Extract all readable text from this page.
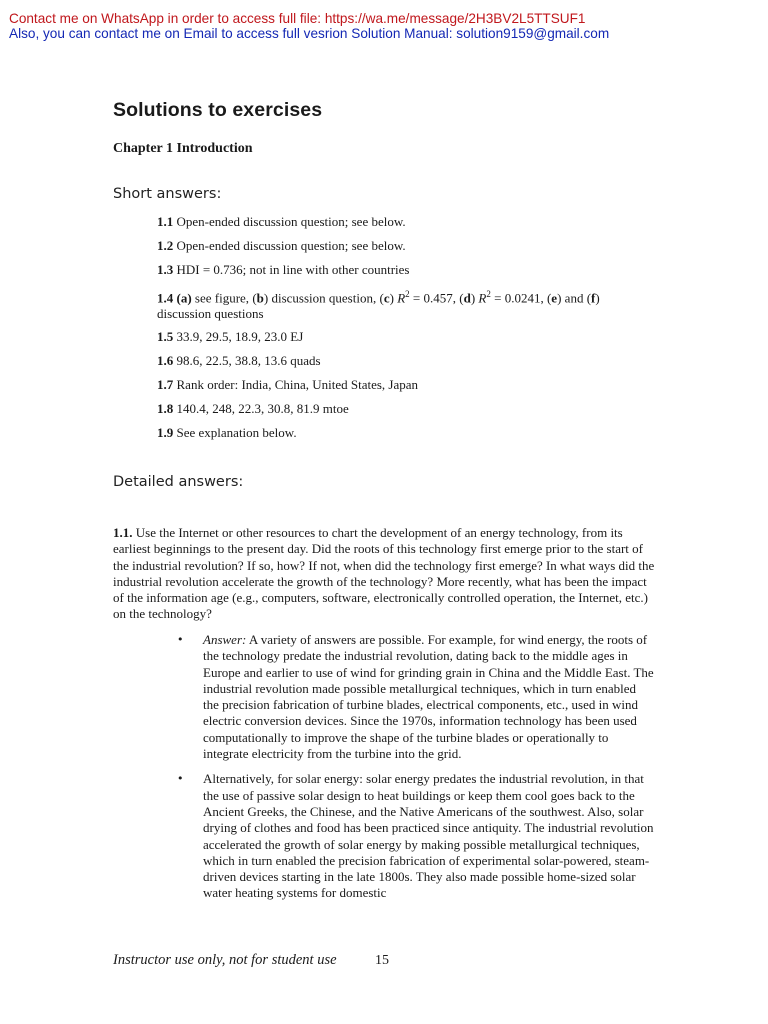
Contact me on WhatsApp in order to access full file: https://wa.me/message/2H3BV2L5TTSUF1
Also, you can contact me on Email to access full vesrion Solution Manual: solution9159@gmail.com
Solutions to exercises
Chapter 1 Introduction
Short answers:
1.1 Open-ended discussion question; see below.
1.2 Open-ended discussion question; see below.
1.3 HDI = 0.736; not in line with other countries
1.4 (a) see figure, (b) discussion question, (c) $R^2 = 0.457$, (d) $R^2 = 0.0241$, (e) and (f) discussion questions
1.5 33.9, 29.5, 18.9, 23.0 EJ
1.6 98.6, 22.5, 38.8, 13.6 quads
1.7 Rank order: India, China, United States, Japan
1.8 140.4, 248, 22.3, 30.8, 81.9 mtoe
1.9 See explanation below.
Detailed answers:

1.1. Use the Internet or other resources to chart the development of an energy technology, from its earliest beginnings to the present day. Did the roots of this technology first emerge prior to the start of the industrial revolution? If so, how? If not, when did the technology first emerge? In what ways did the industrial revolution accelerate the growth of the technology? More recently, what has been the impact of the information age (e.g., computers, software, electronically controlled operation, the Internet, etc.) on the technology?

• Answer: A variety of answers are possible. For example, for wind energy, the roots of the technology predate the industrial revolution, dating back to the middle ages in Europe and earlier to use of wind for grinding grain in China and the Middle East. The industrial revolution made possible metallurgical techniques, which in turn enabled the precision fabrication of turbine blades, electrical components, etc., used in wind electric conversion devices. Since the 1970s, information technology has been used computationally to improve the shape of the turbine blades or operationally to integrate electricity from the turbine into the grid.
• Alternatively, for solar energy: solar energy predates the industrial revolution, in that the use of passive solar design to heat buildings or keep them cool goes back to the Ancient Greeks, the Chinese, and the Native Americans of the southwest. Also, solar drying of clothes and food has been practiced since antiquity. The industrial revolution accelerated the growth of solar energy by making possible metallurgical techniques, which in turn enabled the precision fabrication of experimental solar-powered, steam-driven devices starting in the late 1800s. They also made possible home-sized solar water heating systems for domestic
Instructor use only, not for student use	15
